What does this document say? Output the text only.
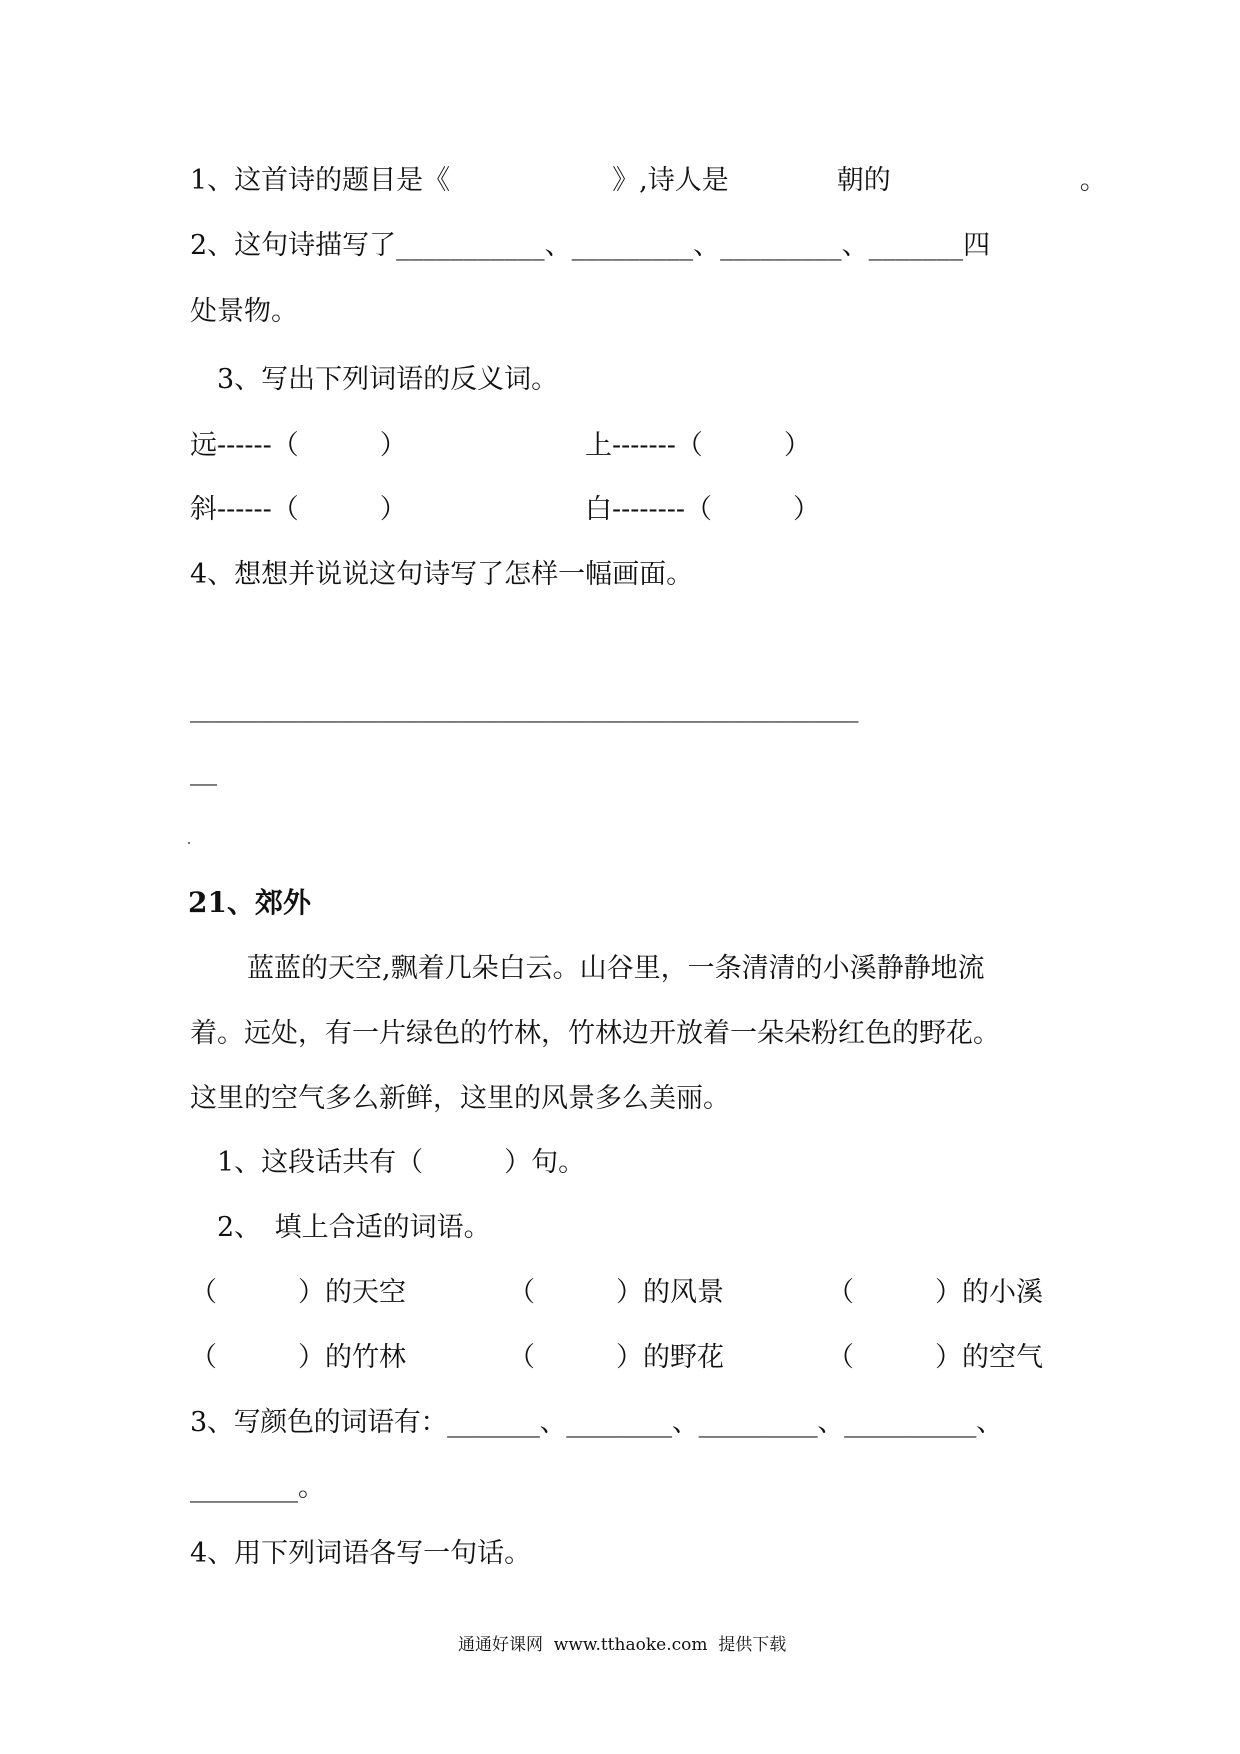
1、这首诗的题目是《　　　　　　》,诗人是　　　　朝的　　　　　　　。
2、这句诗描写了___________、_________、_________、_______四
处景物。
3、写出下列词语的反义词。
远------（　　　）	上-------（　　　）
斜------（　　　）	白--------（　　　）
4、想想并说说这句诗写了怎样一幅画面。
___________________________________________________
__
21、郊外
蓝蓝的天空,飘着几朵白云。山谷里，一条清清的小溪静静地流
着。远处，有一片绿色的竹林，竹林边开放着一朵朵粉红色的野花。
这里的空气多么新鲜，这里的风景多么美丽。
1、这段话共有（　　　）句。
2、　填上合适的词语。
（　　　）的天空	（　　　）的风景	（　　　）的小溪
（　　　）的竹林	（　　　）的野花	（　　　）的空气
3、写颜色的词语有：_______、________、_________、__________、
________。
4、用下列词语各写一句话。
通通好课网  www.tthaoke.com  提供下载
